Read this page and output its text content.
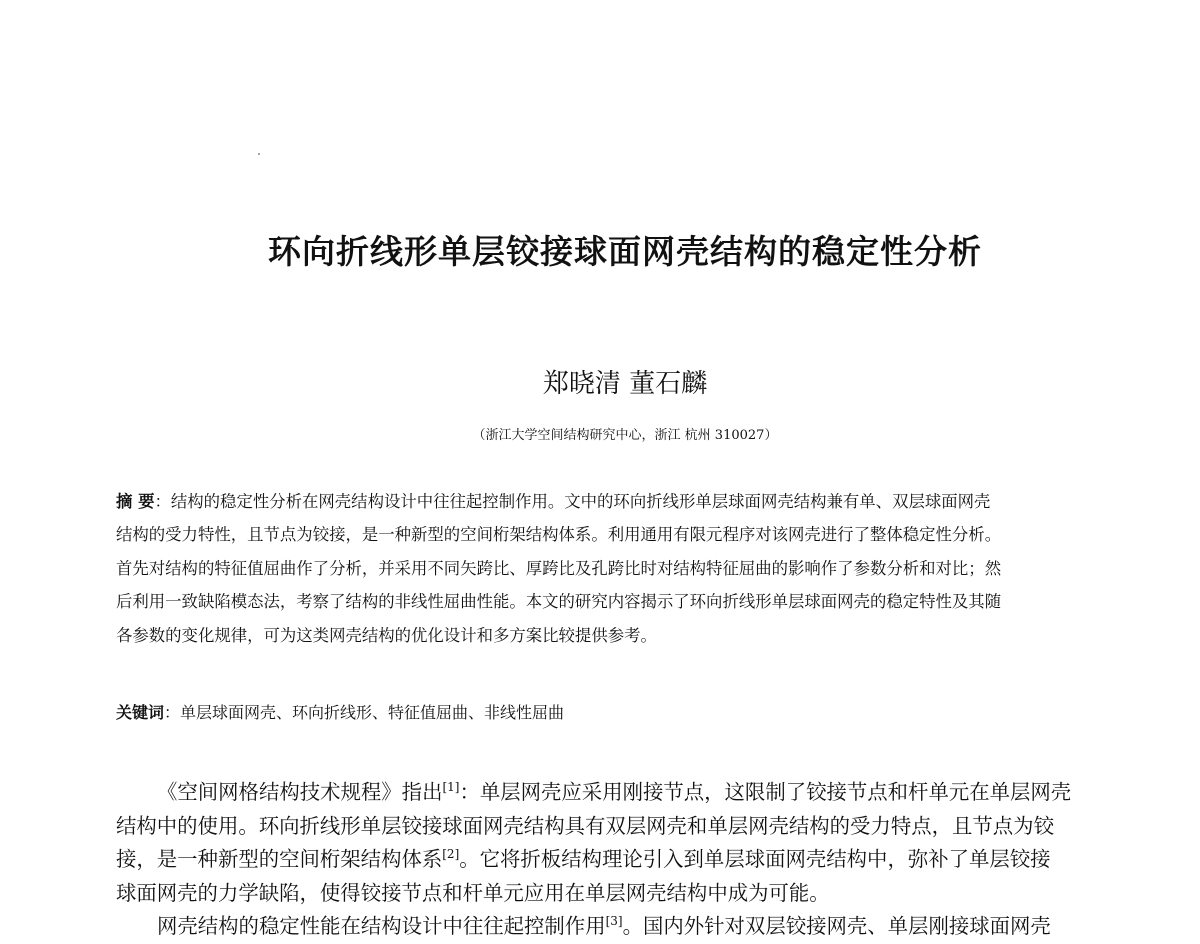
环向折线形单层铰接球面网壳结构的稳定性分析
郑晓清 董石麟
（浙江大学空间结构研究中心，浙江 杭州 310027）
摘 要：结构的稳定性分析在网壳结构设计中往往起控制作用。文中的环向折线形单层球面网壳结构兼有单、双层球面网壳
结构的受力特性，且节点为铰接，是一种新型的空间桁架结构体系。利用通用有限元程序对该网壳进行了整体稳定性分析。
首先对结构的特征值屈曲作了分析，并采用不同矢跨比、厚跨比及孔跨比时对结构特征屈曲的影响作了参数分析和对比；然
后利用一致缺陷模态法，考察了结构的非线性屈曲性能。本文的研究内容揭示了环向折线形单层球面网壳的稳定特性及其随
各参数的变化规律，可为这类网壳结构的优化设计和多方案比较提供参考。
关键词：单层球面网壳、环向折线形、特征值屈曲、非线性屈曲
《空间网格结构技术规程》指出[1]：单层网壳应采用刚接节点，这限制了铰接节点和杆单元在单层网壳
结构中的使用。环向折线形单层铰接球面网壳结构具有双层网壳和单层网壳结构的受力特点，且节点为铰
接，是一种新型的空间桁架结构体系[2]。它将折板结构理论引入到单层球面网壳结构中，弥补了单层铰接
球面网壳的力学缺陷，使得铰接节点和杆单元应用在单层网壳结构中成为可能。
网壳结构的稳定性能在结构设计中往往起控制作用[3]。国内外针对双层铰接网壳、单层刚接球面网壳
